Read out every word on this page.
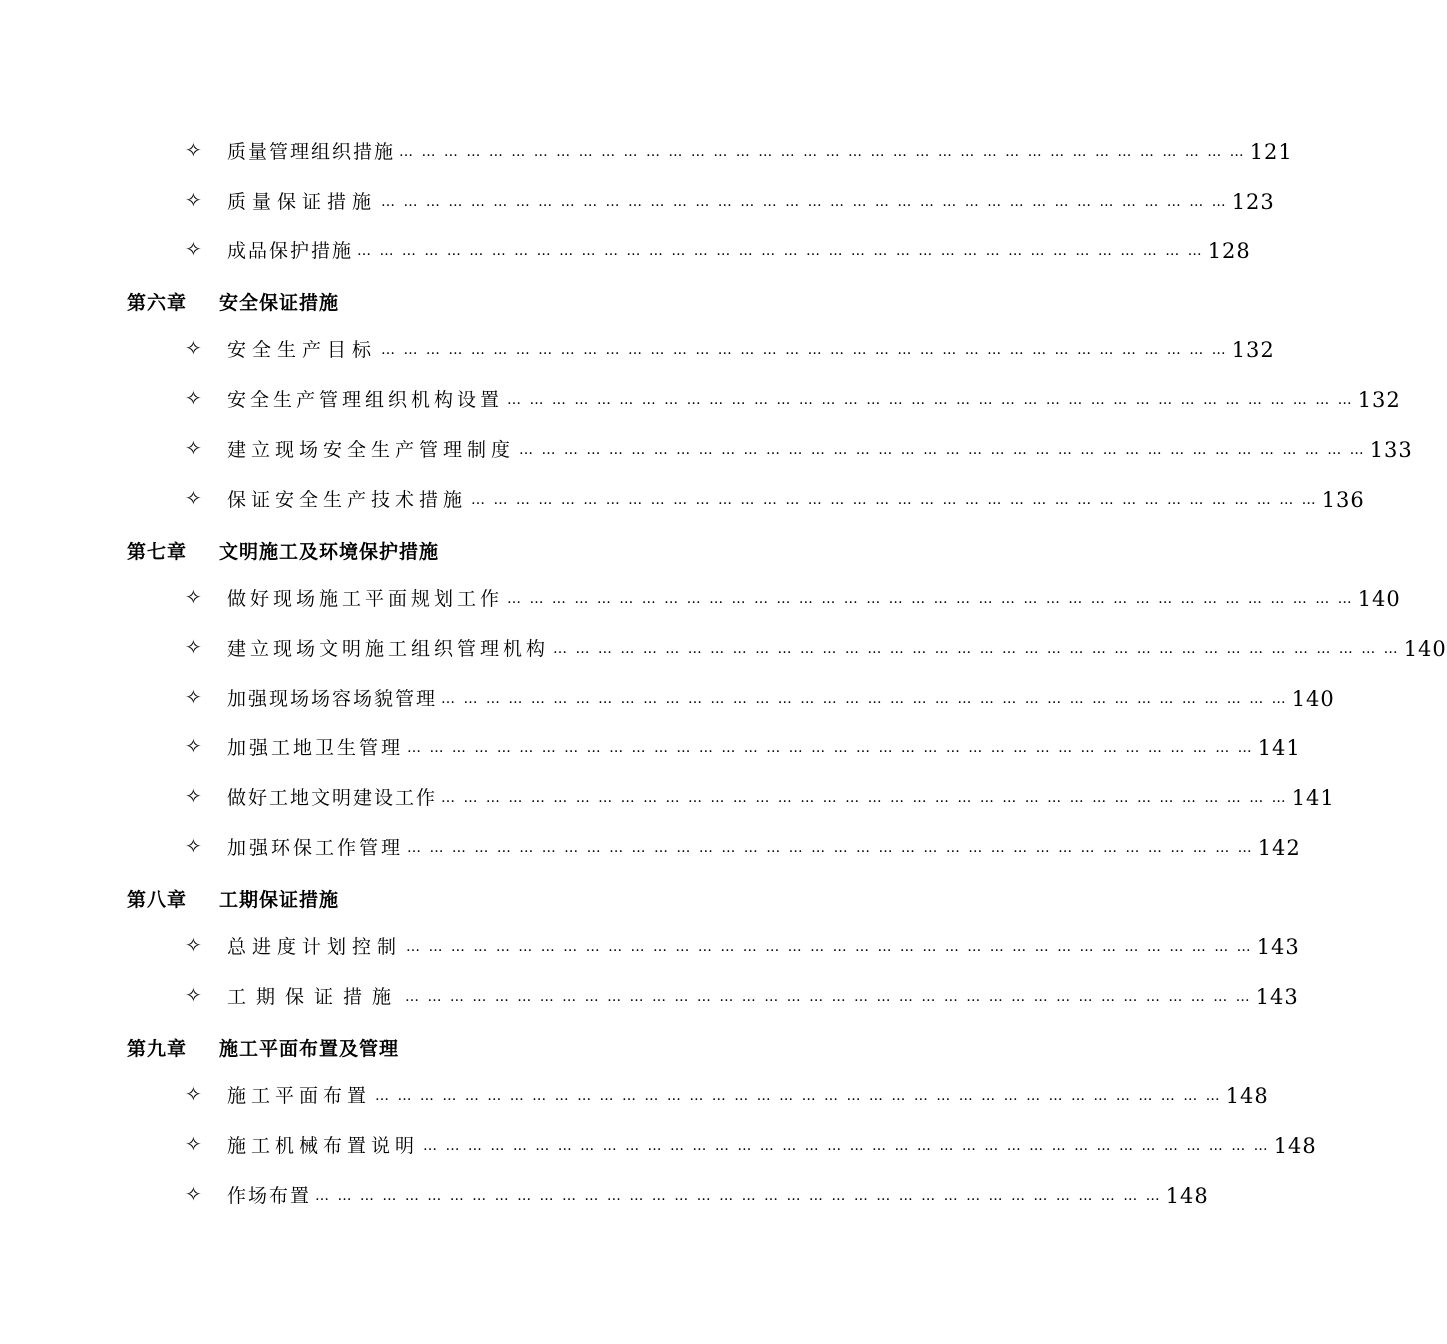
✧ 质量管理组织措施 … … … … … … … … … … … … … … … … … … … … … … … … … … … … … … … … … … … … … … 121
✧ 质量保证措施 … … … … … … … … … … … … … … … … … … … … … … … … … … … … … … … … … … … … … … 123
✧ 成品保护措施 … … … … … … … … … … … … … … … … … … … … … … … … … … … … … … … … … … … … … … 128
第六章 安全保证措施
✧ 安全生产目标 … … … … … … … … … … … … … … … … … … … … … … … … … … … … … … … … … … … … … … 132
✧ 安全生产管理组织机构设置 … … … … … … … … … … … … … … … … … … … … … … … … … … … … … … … … … … … … … … 132
✧ 建立现场安全生产管理制度 … … … … … … … … … … … … … … … … … … … … … … … … … … … … … … … … … … … … … … 133
✧ 保证安全生产技术措施 … … … … … … … … … … … … … … … … … … … … … … … … … … … … … … … … … … … … … … 136
第七章 文明施工及环境保护措施
✧ 做好现场施工平面规划工作 … … … … … … … … … … … … … … … … … … … … … … … … … … … … … … … … … … … … … … 140
✧ 建立现场文明施工组织管理机构 … … … … … … … … … … … … … … … … … … … … … … … … … … … … … … … … … … … … … … 140
✧ 加强现场场容场貌管理 … … … … … … … … … … … … … … … … … … … … … … … … … … … … … … … … … … … … … … 140
✧ 加强工地卫生管理 … … … … … … … … … … … … … … … … … … … … … … … … … … … … … … … … … … … … … … 141
✧ 做好工地文明建设工作 … … … … … … … … … … … … … … … … … … … … … … … … … … … … … … … … … … … … … … 141
✧ 加强环保工作管理 … … … … … … … … … … … … … … … … … … … … … … … … … … … … … … … … … … … … … … 142
第八章 工期保证措施
✧ 总进度计划控制 … … … … … … … … … … … … … … … … … … … … … … … … … … … … … … … … … … … … … … 143
✧ 工期保证措施 … … … … … … … … … … … … … … … … … … … … … … … … … … … … … … … … … … … … … … 143
第九章 施工平面布置及管理
✧ 施工平面布置 … … … … … … … … … … … … … … … … … … … … … … … … … … … … … … … … … … … … … … 148
✧ 施工机械布置说明 … … … … … … … … … … … … … … … … … … … … … … … … … … … … … … … … … … … … … … 148
✧ 作场布置 … … … … … … … … … … … … … … … … … … … … … … … … … … … … … … … … … … … … … … 148
